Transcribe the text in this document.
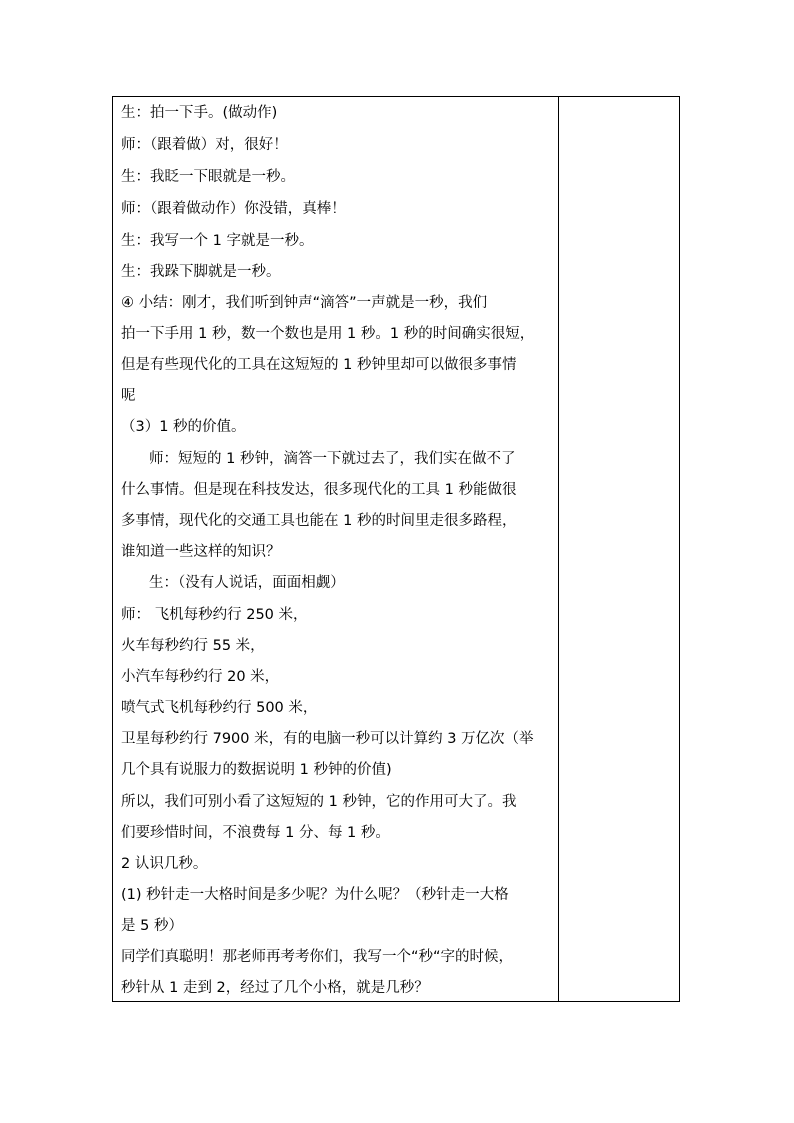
生：拍一下手。(做动作)
师：（跟着做）对，很好！
生：我眨一下眼就是一秒。
师：（跟着做动作）你没错，真棒！
生：我写一个 1 字就是一秒。
生：我跺下脚就是一秒。
④ 小结：刚才，我们听到钟声“滴答”一声就是一秒，我们
拍一下手用 1 秒，数一个数也是用 1 秒。1 秒的时间确实很短，
但是有些现代化的工具在这短短的 1 秒钟里却可以做很多事情
呢
（3）1 秒的价值。
师：短短的 1 秒钟，滴答一下就过去了，我们实在做不了
什么事情。但是现在科技发达，很多现代化的工具 1 秒能做很
多事情，现代化的交通工具也能在 1 秒的时间里走很多路程，
谁知道一些这样的知识？
生：（没有人说话，面面相觑）
师： 飞机每秒约行 250 米，
火车每秒约行 55 米，
小汽车每秒约行 20 米，
喷气式飞机每秒约行 500 米，
卫星每秒约行 7900 米，有的电脑一秒可以计算约 3 万亿次（举
几个具有说服力的数据说明 1 秒钟的价值)
所以，我们可别小看了这短短的 1 秒钟，它的作用可大了。我
们要珍惜时间，不浪费每 1 分、每 1 秒。
2 认识几秒。
(1) 秒针走一大格时间是多少呢？为什么呢？（秒针走一大格
是 5 秒）
同学们真聪明！那老师再考考你们，我写一个“秒“字的时候，
秒针从 1 走到 2，经过了几个小格，就是几秒？
